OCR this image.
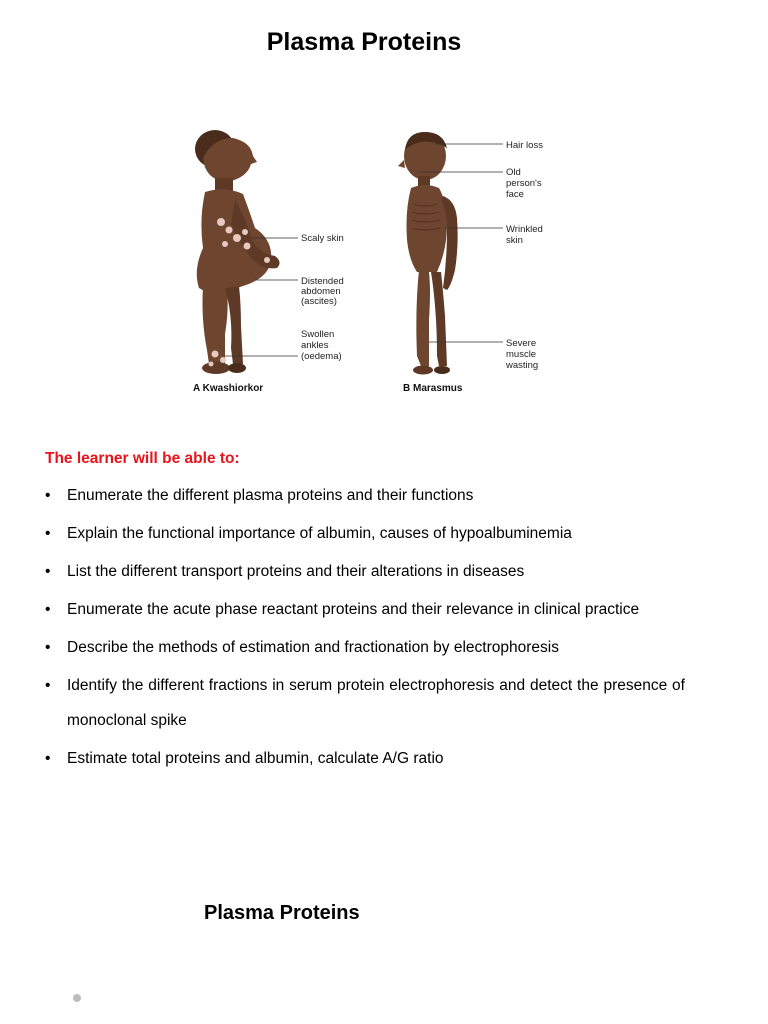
Plasma Proteins
Scaly skin
Distended
abdomen
(ascites)
Swollen
ankles
(oedema)
A Kwashiorkor
Hair loss
Old
person's
face
Wrinkled
skin
Severe
muscle
wasting
B Marasmus
The learner will be able to:
• Enumerate the different plasma proteins and their functions
• Explain the functional importance of albumin, causes of hypoalbuminemia
• List the different transport proteins and their alterations in diseases
• Enumerate the acute phase reactant proteins and their relevance in clinical practice
• Describe the methods of estimation and fractionation by electrophoresis
• Identify the different fractions in serum protein electrophoresis and detect the presence of monoclonal spike
• Estimate total proteins and albumin, calculate A/G ratio
Plasma Proteins
